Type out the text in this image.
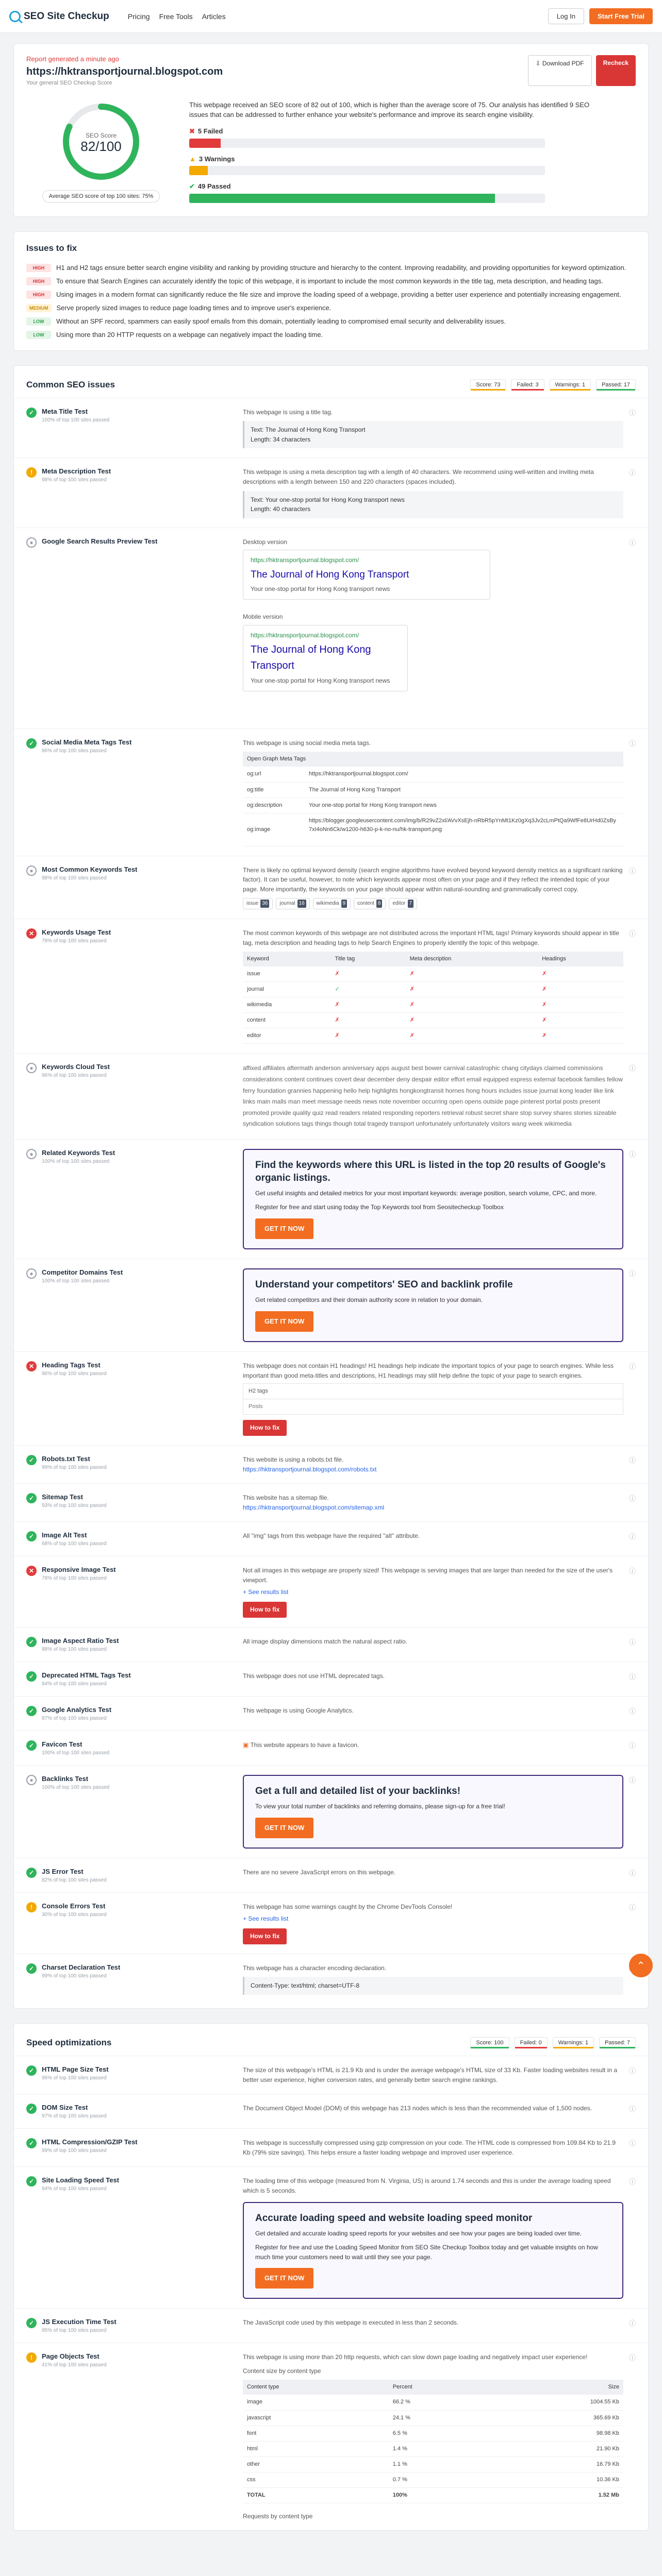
SEO Site Checkup	Pricing Free Tools Articles	Log In	Start Free Trial
Report generated a minute ago
https://hktransportjournal.blogspot.com
Your general SEO Checkup Score
⇩ Download PDF	Recheck
SEO Score
82/100
Average SEO score of top 100 sites: 75%
This webpage received an SEO score of 82 out of 100, which is higher than the average score of 75. Our analysis has identified 9 SEO issues that can be addressed to further enhance your website's performance and improve its search engine visibility.
✖ 5 Failed
▲ 3 Warnings
✔ 49 Passed
Issues to fix
HIGH	H1 and H2 tags ensure better search engine visibility and ranking by providing structure and hierarchy to the content. Improving readability, and providing opportunities for keyword optimization.
HIGH	To ensure that Search Engines can accurately identify the topic of this webpage, it is important to include the most common keywords in the title tag, meta description, and heading tags.
HIGH	Using images in a modern format can significantly reduce the file size and improve the loading speed of a webpage, providing a better user experience and potentially increasing engagement.
MEDIUM	Serve properly sized images to reduce page loading times and to improve user's experience.
LOW	Without an SPF record, spammers can easily spoof emails from this domain, potentially leading to compromised email security and deliverability issues.
LOW	Using more than 20 HTTP requests on a webpage can negatively impact the loading time.
Common SEO issues	Score: 73	Failed: 3	Warnings: 1	Passed: 17
✓	Meta Title Test
100% of top 100 sites passed
This webpage is using a title tag.
Text: The Journal of Hong Kong Transport
Length: 34 characters
ⓘ
!	Meta Description Test
98% of top 100 sites passed
This webpage is using a meta description tag with a length of 40 characters. We recommend using well-written and inviting meta descriptions with a length between 150 and 220 characters (spaces included).
Text: Your one-stop portal for Hong Kong transport news
Length: 40 characters
ⓘ
●	Google Search Results Preview Test	Desktop version
https://hktransportjournal.blogspot.com/
The Journal of Hong Kong Transport
Your one-stop portal for Hong Kong transport news
Mobile version
https://hktransportjournal.blogspot.com/
The Journal of Hong Kong Transport
Your one-stop portal for Hong Kong transport news
ⓘ
✓	Social Media Meta Tags Test
86% of top 100 sites passed
This webpage is using social media meta tags.
Open Graph Meta Tags	
og:url	https://hktransportjournal.blogspot.com/
og:title	The Journal of Hong Kong Transport
og:description	Your one-stop portal for Hong Kong transport news
og:image	https://blogger.googleusercontent.com/img/b/R29vZ2xl/AVvXsEjh-nRbR5pYnMt1Kz0gXq3Jv2cLmPtQa9WfFe8UrHd0ZsBy7xI4oNn6Ck/w1200-h630-p-k-no-nu/hk-transport.png
ⓘ
●	Most Common Keywords Test
98% of top 100 sites passed
There is likely no optimal keyword density (search engine algorithms have evolved beyond keyword density metrics as a significant ranking factor). It can be useful, however, to note which keywords appear most often on your page and if they reflect the intended topic of your page. More importantly, the keywords on your page should appear within natural-sounding and grammatically correct copy.
issue 36	journal 16	wikimedia 9	content 8	editor 7
ⓘ
✕	Keywords Usage Test
78% of top 100 sites passed
The most common keywords of this webpage are not distributed across the important HTML tags! Primary keywords should appear in title tag, meta description and heading tags to help Search Engines to properly identify the topic of this webpage.
Keyword	Title tag	Meta description	Headings
issue	✗	✗	✗
journal	✓	✗	✗
wikimedia	✗	✗	✗
content	✗	✗	✗
editor	✗	✗	✗
ⓘ
●	Keywords Cloud Test
96% of top 100 sites passed
affixed affiliates aftermath anderson anniversary apps august best bower carnival catastrophic chang citydays claimed commissions considerations content continues covert dear december deny despair editor effort email equipped express external facebook families fellow ferry foundation grannies happening hello help highlights hongkongtransit hornes hong hours includes issue journal kong leader like link links main malls man meet message needs news note november occurring open opens outside page pinterest portal posts present promoted provide quality quiz read readers related responding reporters retrieval robust secret share stop survey shares stories sizeable syndication solutions tags things though total tragedy transport unfortunately unfortunately visitors wang week wikimedia
ⓘ
●	Related Keywords Test
100% of top 100 sites passed	Find the keywords where this URL is listed in the top 20 results of Google's organic listings.
Get useful insights and detailed metrics for your most important keywords: average position, search volume, CPC, and more.
Register for free and start using today the Top Keywords tool from Seositecheckup Toolbox
GET IT NOW
ⓘ
●	Competitor Domains Test
100% of top 100 sites passed	Understand your competitors' SEO and backlink profile
Get related competitors and their domain authority score in relation to your domain.
GET IT NOW
ⓘ
✕	Heading Tags Test
96% of top 100 sites passed
This webpage does not contain H1 headings! H1 headings help indicate the important topics of your page to search engines. While less important than good meta-titles and descriptions, H1 headings may still help define the topic of your page to search engines.
H2 tags
Posts
How to fix
ⓘ
✓	Robots.txt Test
99% of top 100 sites passed
This website is using a robots.txt file.
https://hktransportjournal.blogspot.com/robots.txt
ⓘ
✓	Sitemap Test
93% of top 100 sites passed
This website has a sitemap file.
https://hktransportjournal.blogspot.com/sitemap.xml
ⓘ
✓	Image Alt Test
68% of top 100 sites passed
All "img" tags from this webpage have the required "alt" attribute.	ⓘ
✕	Responsive Image Test
78% of top 100 sites passed
Not all images in this webpage are properly sized! This webpage is serving images that are larger than needed for the size of the user's viewport.
+ See results list
How to fix
ⓘ
✓	Image Aspect Ratio Test
88% of top 100 sites passed
All image display dimensions match the natural aspect ratio.	ⓘ
✓	Deprecated HTML Tags Test
94% of top 100 sites passed
This webpage does not use HTML deprecated tags.	ⓘ
✓	Google Analytics Test
87% of top 100 sites passed
This webpage is using Google Analytics.	ⓘ
✓	Favicon Test
100% of top 100 sites passed
▣ This website appears to have a favicon.	ⓘ
●	Backlinks Test
100% of top 100 sites passed	Get a full and detailed list of your backlinks!
To view your total number of backlinks and referring domains, please sign-up for a free trial!
GET IT NOW
ⓘ
✓	JS Error Test
82% of top 100 sites passed
There are no severe JavaScript errors on this webpage.	ⓘ
!	Console Errors Test
30% of top 100 sites passed
This webpage has some warnings caught by the Chrome DevTools Console!
+ See results list
How to fix
ⓘ
✓	Charset Declaration Test
99% of top 100 sites passed
This webpage has a character encoding declaration.
Content-Type: text/html; charset=UTF-8
Speed optimizations	Score: 100	Failed: 0	Warnings: 1	Passed: 7
✓	HTML Page Size Test
96% of top 100 sites passed
The size of this webpage's HTML is 21.9 Kb and is under the average webpage's HTML size of 33 Kb. Faster loading websites result in a better user experience, higher conversion rates, and generally better search engine rankings.
ⓘ
✓	DOM Size Test
97% of top 100 sites passed
The Document Object Model (DOM) of this webpage has 213 nodes which is less than the recommended value of 1,500 nodes.	ⓘ
✓	HTML Compression/GZIP Test
99% of top 100 sites passed
This webpage is successfully compressed using gzip compression on your code. The HTML code is compressed from 109.84 Kb to 21.9 Kb (79% size savings). This helps ensure a faster loading webpage and improved user experience.
ⓘ
✓	Site Loading Speed Test
94% of top 100 sites passed
The loading time of this webpage (measured from N. Virginia, US) is around 1.74 seconds and this is under the average loading speed which is 5 seconds.
Accurate loading speed and website loading speed monitor
Get detailed and accurate loading speed reports for your websites and see how your pages are being loaded over time.
Register for free and use the Loading Speed Monitor from SEO Site Checkup Toolbox today and get valuable insights on how much time your customers need to wait until they see your page.
GET IT NOW
ⓘ
✓	JS Execution Time Test
95% of top 100 sites passed
The JavaScript code used by this webpage is executed in less than 2 seconds.	ⓘ
!	Page Objects Test
41% of top 100 sites passed
This webpage is using more than 20 http requests, which can slow down page loading and negatively impact user experience!
Content size by content type
Content type	Percent	Size
image	66.2 %	1004.55 Kb
javascript	24.1 %	365.69 Kb
font	6.5 %	98.98 Kb
html	1.4 %	21.90 Kb
other	1.1 %	16.79 Kb
css	0.7 %	10.36 Kb
TOTAL	100%	1.52 Mb
Requests by content type
ⓘ
⌃
